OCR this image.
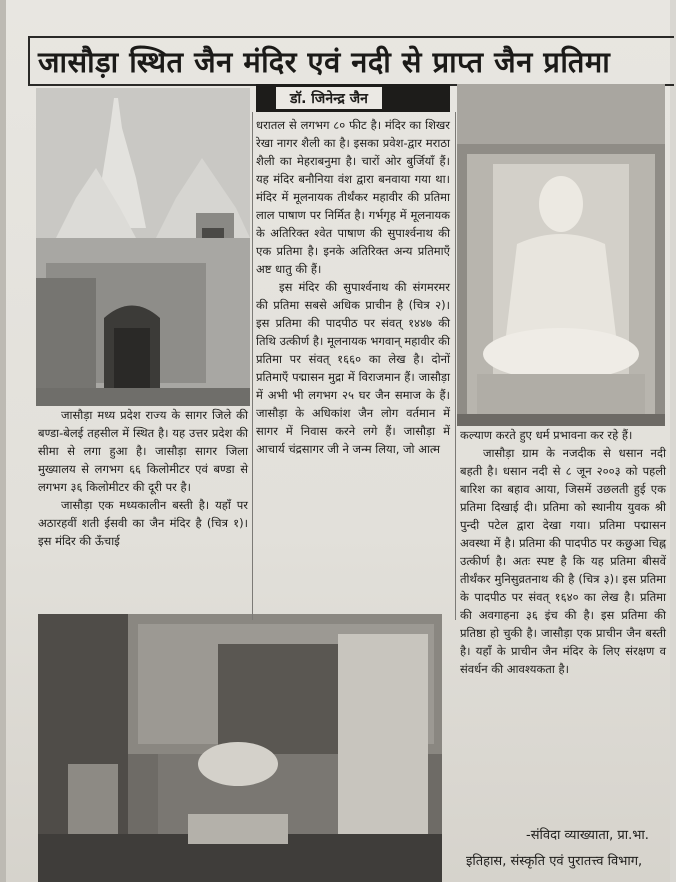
जासौड़ा स्थित जैन मंदिर एवं नदी से प्राप्त जैन प्रतिमा
डॉ. जिनेन्द्र जैन

जासौड़ा मध्य प्रदेश राज्य के सागर जिले की बण्डा-बेलई तहसील में स्थित है। यह उत्तर प्रदेश की सीमा से लगा हुआ है। जासौड़ा सागर जिला मुख्यालय से लगभग ६६ किलोमीटर एवं बण्डा से लगभग ३६ किलोमीटर की दूरी पर है।

जासौड़ा एक मध्यकालीन बस्ती है। यहाँ पर अठारहवीं शती ईसवी का जैन मंदिर है (चित्र १)। इस मंदिर की ऊँचाई

धरातल से लगभग ८० फीट है। मंदिर का शिखर रेखा नागर शैली का है। इसका प्रवेश-द्वार मराठा शैली का मेहराबनुमा है। चारों ओर बुर्जियाँ हैं। यह मंदिर बनौनिया वंश द्वारा बनवाया गया था। मंदिर में मूलनायक तीर्थंकर महावीर की प्रतिमा लाल पाषाण पर निर्मित है। गर्भगृह में मूलनायक के अतिरिक्त श्वेत पाषाण की सुपार्श्वनाथ की एक प्रतिमा है। इनके अतिरिक्त अन्य प्रतिमाएँ अष्ट धातु की हैं।

इस मंदिर की सुपार्श्वनाथ की संगमरमर की प्रतिमा सबसे अधिक प्राचीन है (चित्र २)। इस प्रतिमा की पादपीठ पर संवत् १४४७ की तिथि उत्कीर्ण है। मूलनायक भगवान् महावीर की प्रतिमा पर संवत् १६६० का लेख है। दोनों प्रतिमाएँ पद्मासन मुद्रा में विराजमान हैं। जासौड़ा में अभी भी लगभग २५ घर जैन समाज के हैं। जासौड़ा के अधिकांश जैन लोग वर्तमान में सागर में निवास करने लगे हैं। जासौड़ा में आचार्य चंद्रसागर जी ने जन्म लिया, जो आत्म

कल्याण करते हुए धर्म प्रभावना कर रहे हैं।

जासौड़ा ग्राम के नजदीक से धसान नदी बहती है। धसान नदी से ८ जून २००३ को पहली बारिश का बहाव आया, जिसमें उछलती हुई एक प्रतिमा दिखाई दी। प्रतिमा को स्थानीय युवक श्री पुन्दी पटेल द्वारा देखा गया। प्रतिमा पद्मासन अवस्था में है। प्रतिमा की पादपीठ पर कछुआ चिह्न उत्कीर्ण है। अतः स्पष्ट है कि यह प्रतिमा बीसवें तीर्थंकर मुनिसुव्रतनाथ की है (चित्र ३)। इस प्रतिमा के पादपीठ पर संवत् १६४० का लेख है। प्रतिमा की अवगाहना ३६ इंच की है। इस प्रतिमा की प्रतिष्ठा हो चुकी है। जासौड़ा एक प्राचीन जैन बस्ती है। यहाँ के प्राचीन जैन मंदिर के लिए संरक्षण व संवर्धन की आवश्यकता है।

-संविदा व्याख्याता, प्रा.भा.
इतिहास, संस्कृति एवं पुरातत्त्व विभाग,
